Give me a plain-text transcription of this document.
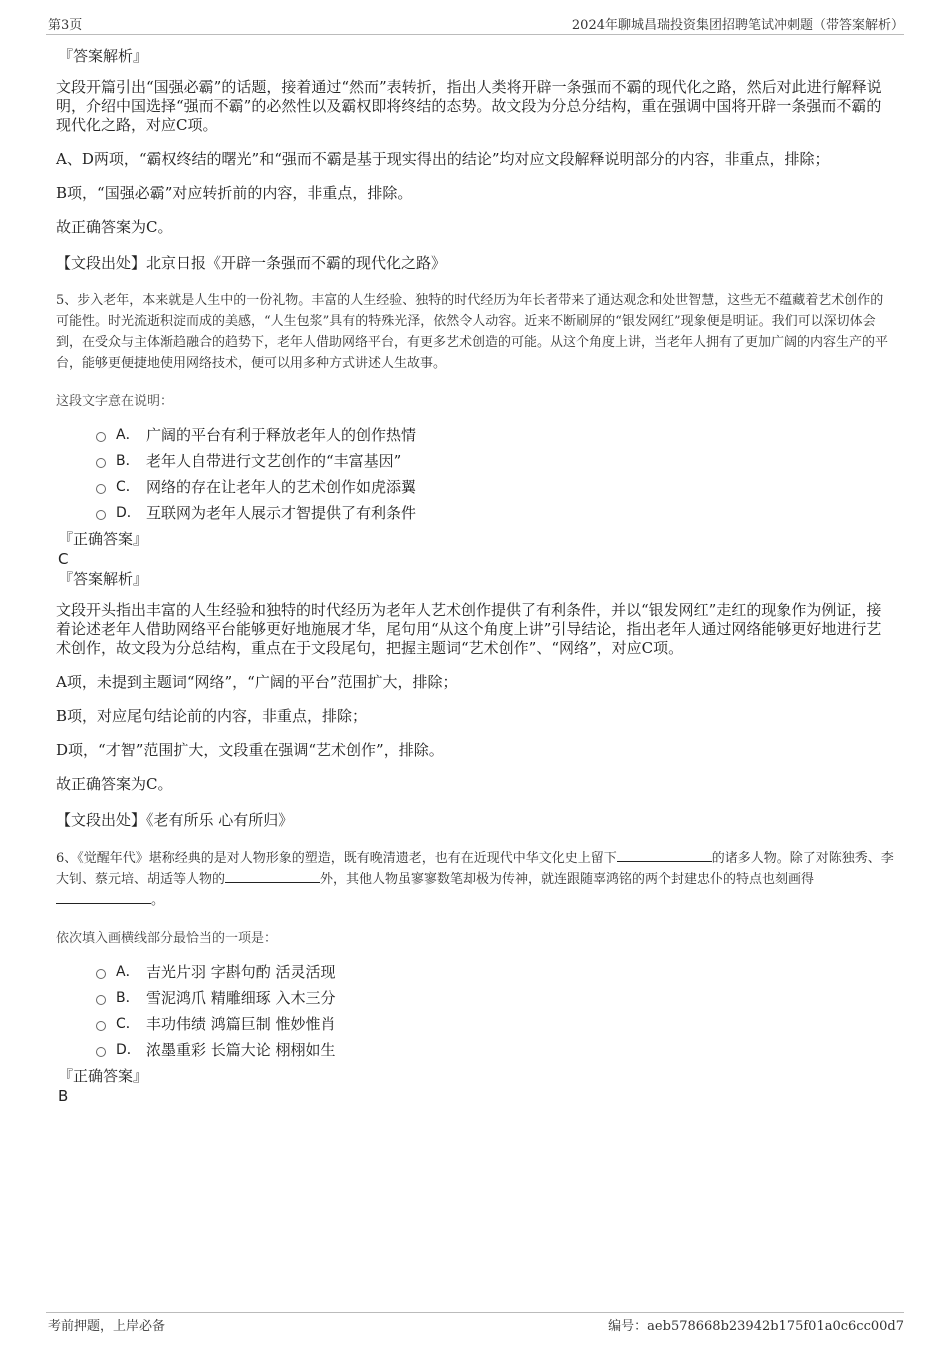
第3页	2024年聊城昌瑞投资集团招聘笔试冲刺题（带答案解析）
『答案解析』

文段开篇引出“国强必霸”的话题，接着通过“然而”表转折，指出人类将开辟一条强而不霸的现代化之路，然后对此进行解释说明，介绍中国选择“强而不霸”的必然性以及霸权即将终结的态势。故文段为分总分结构，重在强调中国将开辟一条强而不霸的现代化之路，对应C项。

A、D两项，“霸权终结的曙光”和“强而不霸是基于现实得出的结论”均对应文段解释说明部分的内容，非重点，排除；

B项，“国强必霸”对应转折前的内容，非重点，排除。

故正确答案为C。

【文段出处】北京日报《开辟一条强而不霸的现代化之路》

5、步入老年，本来就是人生中的一份礼物。丰富的人生经验、独特的时代经历为年长者带来了通达观念和处世智慧，这些无不蕴藏着艺术创作的可能性。时光流逝积淀而成的美感，“人生包浆”具有的特殊光泽，依然令人动容。近来不断刷屏的“银发网红”现象便是明证。我们可以深切体会到，在受众与主体渐趋融合的趋势下，老年人借助网络平台，有更多艺术创造的可能。从这个角度上讲，当老年人拥有了更加广阔的内容生产的平台，能够更便捷地使用网络技术，便可以用多种方式讲述人生故事。

这段文字意在说明：

A． 广阔的平台有利于释放老年人的创作热情
B． 老年人自带进行文艺创作的“丰富基因”
C． 网络的存在让老年人的艺术创作如虎添翼
D． 互联网为老年人展示才智提供了有利条件
『正确答案』
C
『答案解析』

文段开头指出丰富的人生经验和独特的时代经历为老年人艺术创作提供了有利条件，并以“银发网红”走红的现象作为例证，接着论述老年人借助网络平台能够更好地施展才华，尾句用“从这个角度上讲”引导结论，指出老年人通过网络能够更好地进行艺术创作，故文段为分总结构，重点在于文段尾句，把握主题词“艺术创作”、“网络”，对应C项。

A项，未提到主题词“网络”，“广阔的平台”范围扩大，排除；

B项，对应尾句结论前的内容，非重点，排除；

D项，“才智”范围扩大，文段重在强调“艺术创作”，排除。

故正确答案为C。

【文段出处】《老有所乐 心有所归》

6、《觉醒年代》堪称经典的是对人物形象的塑造，既有晚清遗老，也有在近现代中华文化史上留下	的诸多人物。除了对陈独秀、李大钊、蔡元培、胡适等人物的	外，其他人物虽寥寥数笔却极为传神，就连跟随辜鸿铭的两个封建忠仆的特点也刻画得。

依次填入画横线部分最恰当的一项是：

A． 吉光片羽 字斟句酌 活灵活现
B． 雪泥鸿爪 精雕细琢 入木三分
C． 丰功伟绩 鸿篇巨制 惟妙惟肖
D． 浓墨重彩 长篇大论 栩栩如生
『正确答案』
B
考前押题，上岸必备	编号：aeb578668b23942b175f01a0c6cc00d7
